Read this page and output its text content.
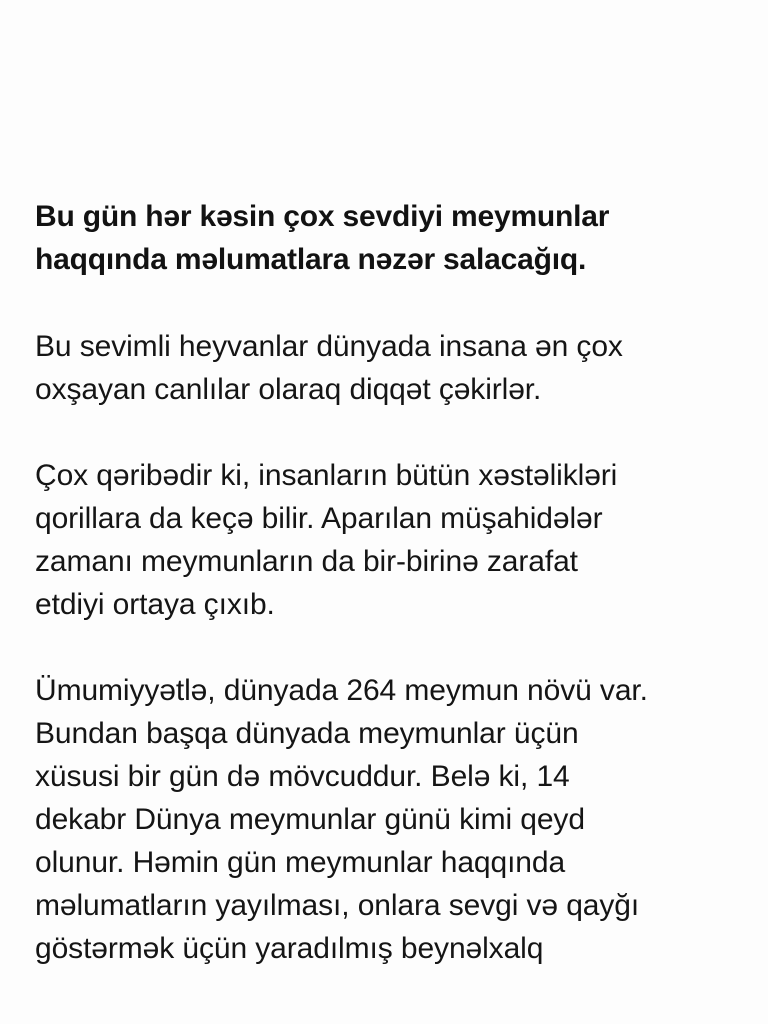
Bu gün hər kəsin çox sevdiyi meymunlar
haqqında məlumatlara nəzər salacağıq.

Bu sevimli heyvanlar dünyada insana ən çox
oxşayan canlılar olaraq diqqət çəkirlər.

Çox qəribədir ki, insanların bütün xəstəlikləri
qorillara da keçə bilir. Aparılan müşahidələr
zamanı meymunların da bir-birinə zarafat
etdiyi ortaya çıxıb.

Ümumiyyətlə, dünyada 264 meymun növü var.
Bundan başqa dünyada meymunlar üçün
xüsusi bir gün də mövcuddur. Belə ki, 14
dekabr Dünya meymunlar günü kimi qeyd
olunur. Həmin gün meymunlar haqqında
məlumatların yayılması, onlara sevgi və qayğı
göstərmək üçün yaradılmış beynəlxalq
